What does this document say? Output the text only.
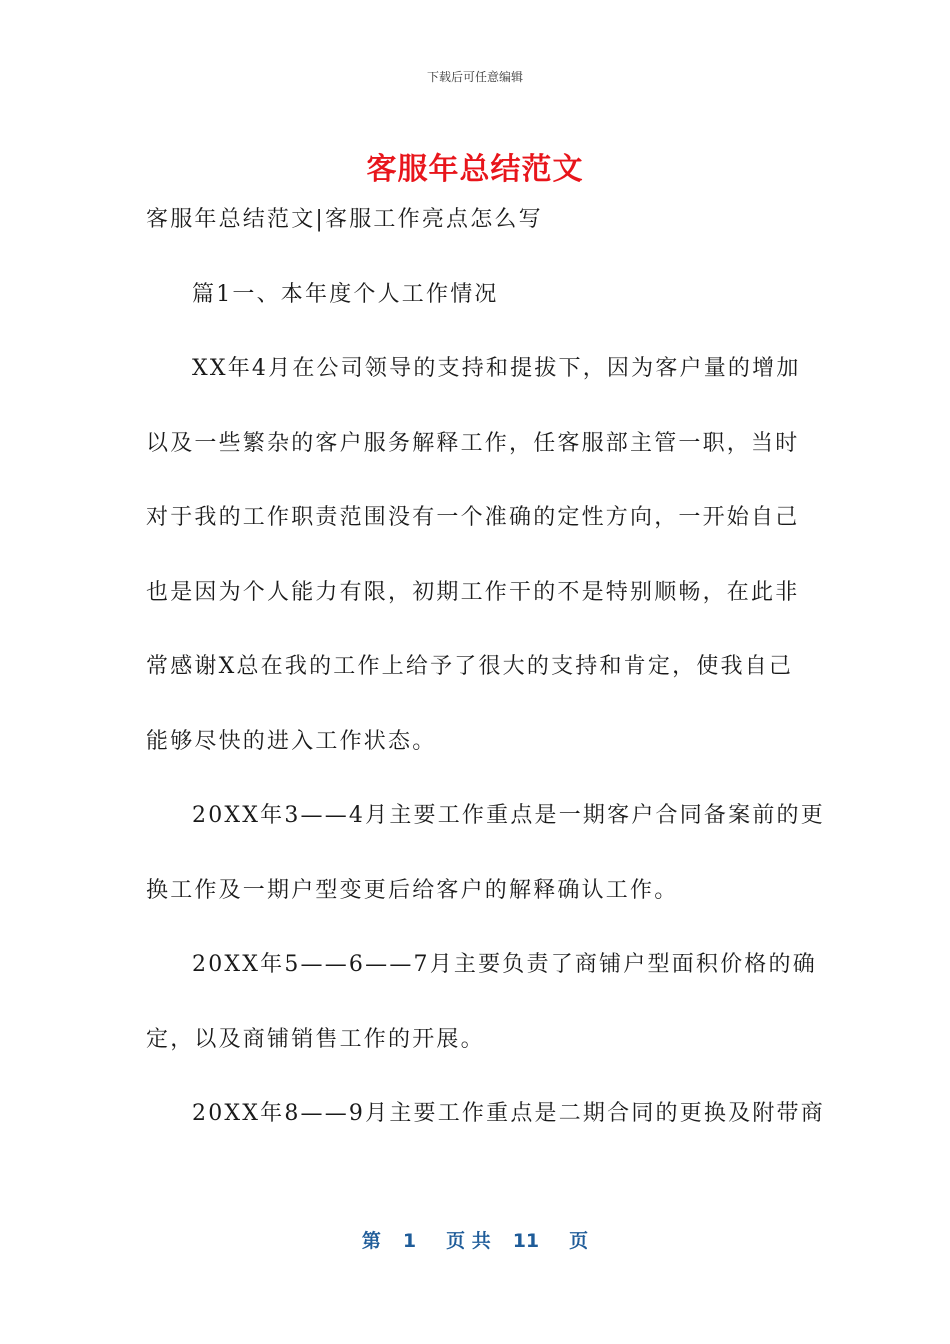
下载后可任意编辑
客服年总结范文
客服年总结范文|客服工作亮点怎么写
篇1一、本年度个人工作情况
XX年4月在公司领导的支持和提拔下，因为客户量的增加
以及一些繁杂的客户服务解释工作，任客服部主管一职，当时
对于我的工作职责范围没有一个准确的定性方向，一开始自己
也是因为个人能力有限，初期工作干的不是特别顺畅，在此非
常感谢X总在我的工作上给予了很大的支持和肯定，使我自己
能够尽快的进入工作状态。
20XX年3——4月主要工作重点是一期客户合同备案前的更
换工作及一期户型变更后给客户的解释确认工作。
20XX年5——6——7月主要负责了商铺户型面积价格的确
定，以及商铺销售工作的开展。
20XX年8——9月主要工作重点是二期合同的更换及附带商
第 1 页 共 11 页
